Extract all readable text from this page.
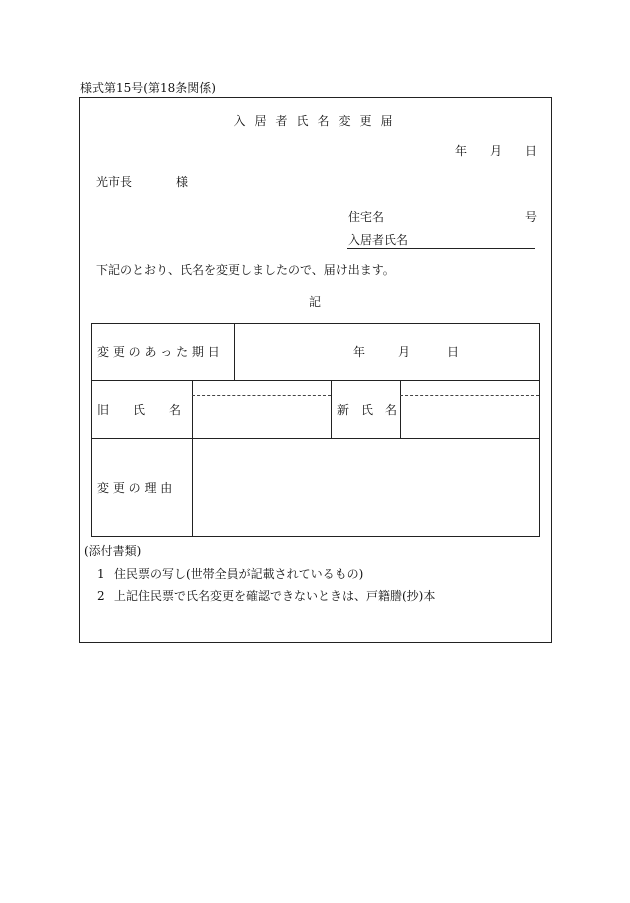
様式第15号(第18条関係)
入居者氏名変更届
年 月 日
光市長	様
住宅名	号
入居者氏名
下記のとおり、氏名を変更しましたので、届け出ます。
記
変 更 の あ っ た 期 日	年	月	日
旧　　氏　　名	新　氏　名
変 更 の 理 由
(添付書類)
1 住民票の写し(世帯全員が記載されているもの)
2 上記住民票で氏名変更を確認できないときは、戸籍謄(抄)本
